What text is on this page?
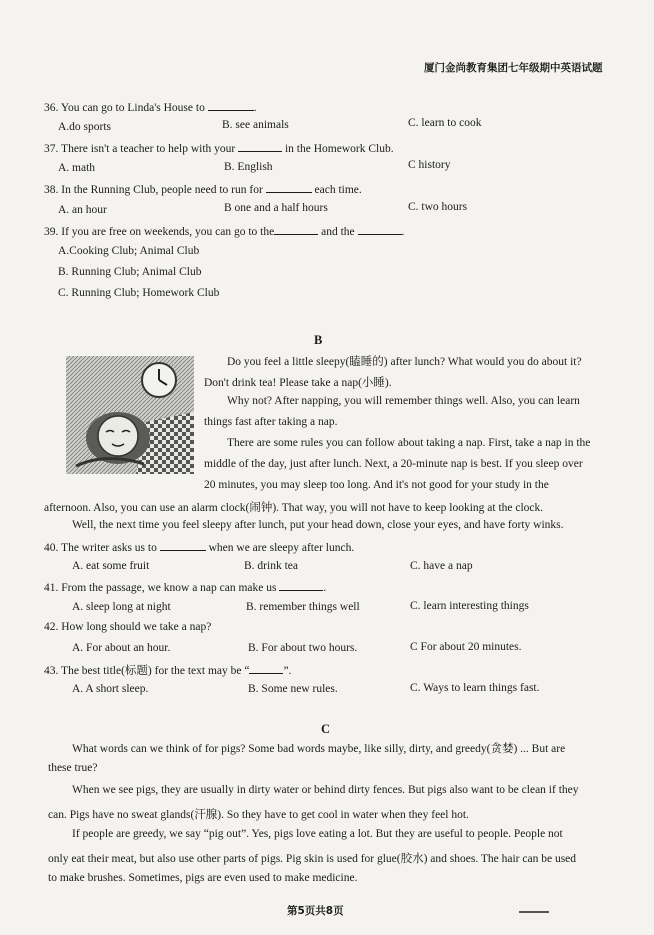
厦门金尚教育集团七年级期中英语试题
36. You can go to Linda's House to	.
A.do sports	B. see animals	C. learn to cook
37. There isn't a teacher to help with your	in the Homework Club.
A. math	B. English	C history
38. In the Running Club, people need to run for	each time.
A. an hour	B one and a half hours	C. two hours
39. If you are free on weekends, you can go to the	and the	.
A.Cooking Club; Animal Club
B. Running Club; Animal Club
C. Running Club; Homework Club
B
Do you feel a little sleepy(瞌睡的) after lunch? What would you do about it?
Don't drink tea! Please take a nap(小睡).
Why not? After napping, you will remember things well. Also, you can learn
things fast after taking a nap.
There are some rules you can follow about taking a nap. First, take a nap in the
middle of the day, just after lunch. Next, a 20-minute nap is best. If you sleep over
20 minutes, you may sleep too long. And it's not good for your study in the
afternoon. Also, you can use an alarm clock(闹钟). That way, you will not have to keep looking at the clock.
Well, the next time you feel sleepy after lunch, put your head down, close your eyes, and have forty winks.
40. The writer asks us to	when we are sleepy after lunch.
A. eat some fruit	B. drink tea	C. have a nap
41. From the passage, we know a nap can make us	.
A. sleep long at night	B. remember things well	C. learn interesting things
42. How long should we take a nap?
A. For about an hour.	B. For about two hours.	C For about 20 minutes.
43. The best title(标题) for the text may be “	”.
A. A short sleep.	B. Some new rules.	C. Ways to learn things fast.
C
What words can we think of for pigs? Some bad words maybe, like silly, dirty, and greedy(贪婪) ... But are
these true?
When we see pigs, they are usually in dirty water or behind dirty fences. But pigs also want to be clean if they
can. Pigs have no sweat glands(汗腺). So they have to get cool in water when they feel hot.
If people are greedy, we say “pig out”. Yes, pigs love eating a lot. But they are useful to people. People not
only eat their meat, but also use other parts of pigs. Pig skin is used for glue(胶水) and shoes. The hair can be used
to make brushes. Sometimes, pigs are even used to make medicine.
第5页共8页
